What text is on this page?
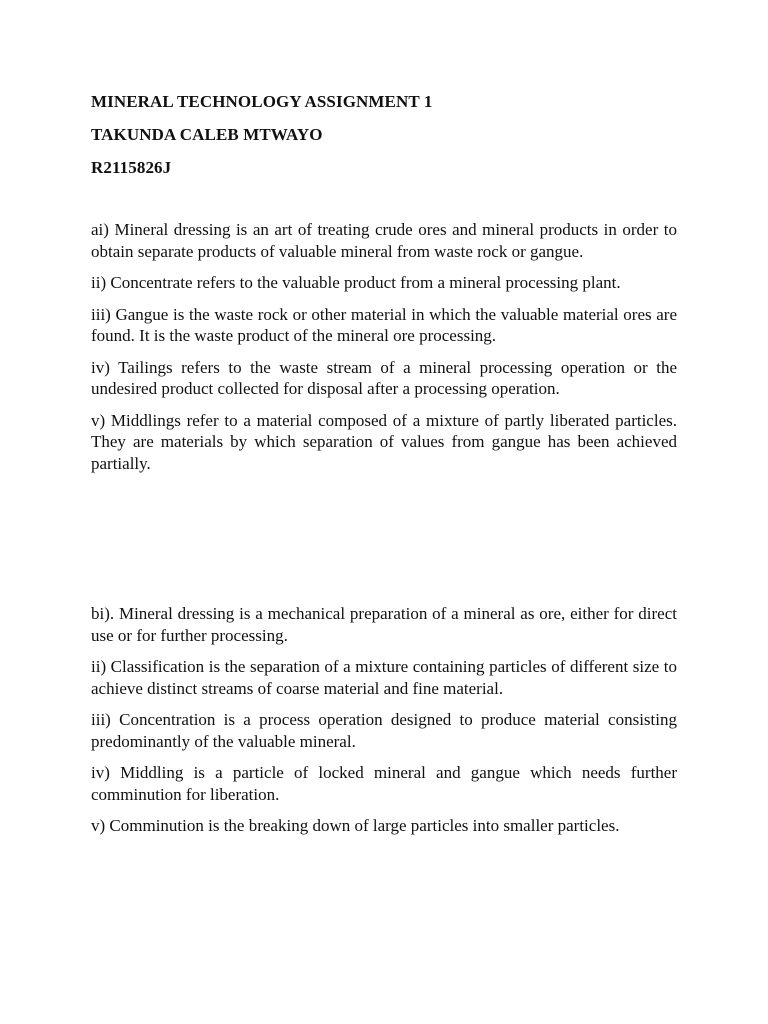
MINERAL TECHNOLOGY ASSIGNMENT 1
TAKUNDA CALEB MTWAYO
R2115826J

ai) Mineral dressing is an art of treating crude ores and mineral products in order to obtain separate products of valuable mineral from waste rock or gangue.

ii) Concentrate refers to the valuable product from a mineral processing plant.

iii) Gangue is the waste rock or other material in which the valuable material ores are found. It is the waste product of the mineral ore processing.

iv) Tailings refers to the waste stream of a mineral processing operation or the undesired product collected for disposal after a processing operation.

v) Middlings refer to a material composed of a mixture of partly liberated particles. They are materials by which separation of values from gangue has been achieved partially.

bi). Mineral dressing is a mechanical preparation of a mineral as ore, either for direct use or for further processing.

ii) Classification is the separation of a mixture containing particles of different size to achieve distinct streams of coarse material and fine material.

iii) Concentration is a process operation designed to produce material consisting predominantly of the valuable mineral.

iv) Middling is a particle of locked mineral and gangue which needs further comminution for liberation.

v) Comminution is the breaking down of large particles into smaller particles.
